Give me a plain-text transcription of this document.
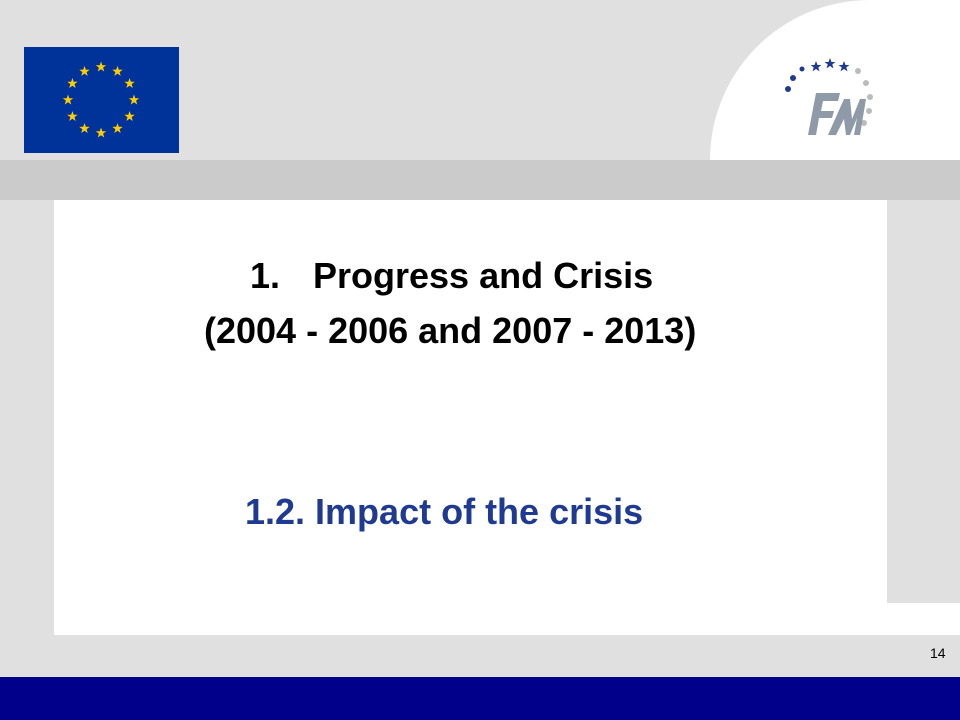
1. Progress and Crisis
(2004 - 2006 and 2007 - 2013)
1.2. Impact of the crisis
14
